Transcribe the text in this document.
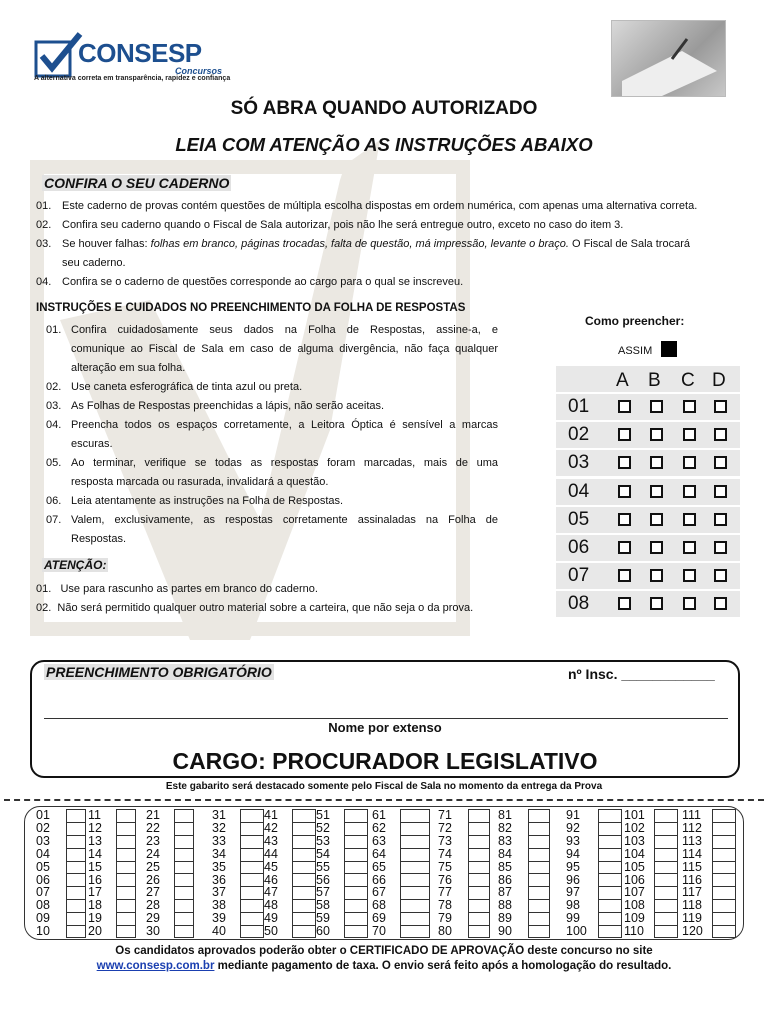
CONSESP
Concursos
A alternativa correta em transparência, rapidez e confiança
SÓ ABRA QUANDO AUTORIZADO
LEIA COM ATENÇÃO AS INSTRUÇÕES ABAIXO
CONFIRA O SEU CADERNO
01. Este caderno de provas contém questões de múltipla escolha dispostas em ordem numérica, com apenas uma alternativa correta.
02. Confira seu caderno quando o Fiscal de Sala autorizar, pois não lhe será entregue outro, exceto no caso do item 3.
03. Se houver falhas: folhas em branco, páginas trocadas, falta de questão, má impressão, levante o braço. O Fiscal de Sala trocará
seu caderno.
04. Confira se o caderno de questões corresponde ao cargo para o qual se inscreveu.
INSTRUÇÕES E CUIDADOS NO PREENCHIMENTO DA FOLHA DE RESPOSTAS
01. Confira cuidadosamente seus dados na Folha de Respostas, assine-a, e
comunique ao Fiscal de Sala em caso de alguma divergência, não faça qualquer
alteração em sua folha.
02. Use caneta esferográfica de tinta azul ou preta.
03. As Folhas de Respostas preenchidas a lápis, não serão aceitas.
04. Preencha todos os espaços corretamente, a Leitora Óptica é sensível a marcas
escuras.
05. Ao terminar, verifique se todas as respostas foram marcadas, mais de uma
resposta marcada ou rasurada, invalidará a questão.
06. Leia atentamente as instruções na Folha de Respostas.
07. Valem, exclusivamente, as respostas corretamente assinaladas na Folha de
Respostas.
ATENÇÃO:
01. Use para rascunho as partes em branco do caderno.
02. Não será permitido qualquer outro material sobre a carteira, que não seja o da prova.
Como preencher:
ASSIM
A B C D
01
02
03
04
05
06
07
08
PREENCHIMENTO OBRIGATÓRIO	nº Insc. ____________
Nome por extenso
CARGO: PROCURADOR LEGISLATIVO
Este gabarito será destacado somente pelo Fiscal de Sala no momento da entrega da Prova
01
02
03
04
05
06
07
08
09
10
11
12
13
14
15
16
17
18
19
20
21
22
23
24
25
26
27
28
29
30
31
32
33
34
35
36
37
38
39
40
41
42
43
44
45
46
47
48
49
50
51
52
53
54
55
56
57
58
59
60
61
62
63
64
65
66
67
68
69
70
71
72
73
74
75
76
77
78
79
80
81
82
83
84
85
86
87
88
89
90
91
92
93
94
95
96
97
98
99
100
101
102
103
104
105
106
107
108
109
110
111
112
113
114
115
116
117
118
119
120
Os candidatos aprovados poderão obter o CERTIFICADO DE APROVAÇÃO deste concurso no site
www.consesp.com.br mediante pagamento de taxa. O envio será feito após a homologação do resultado.
